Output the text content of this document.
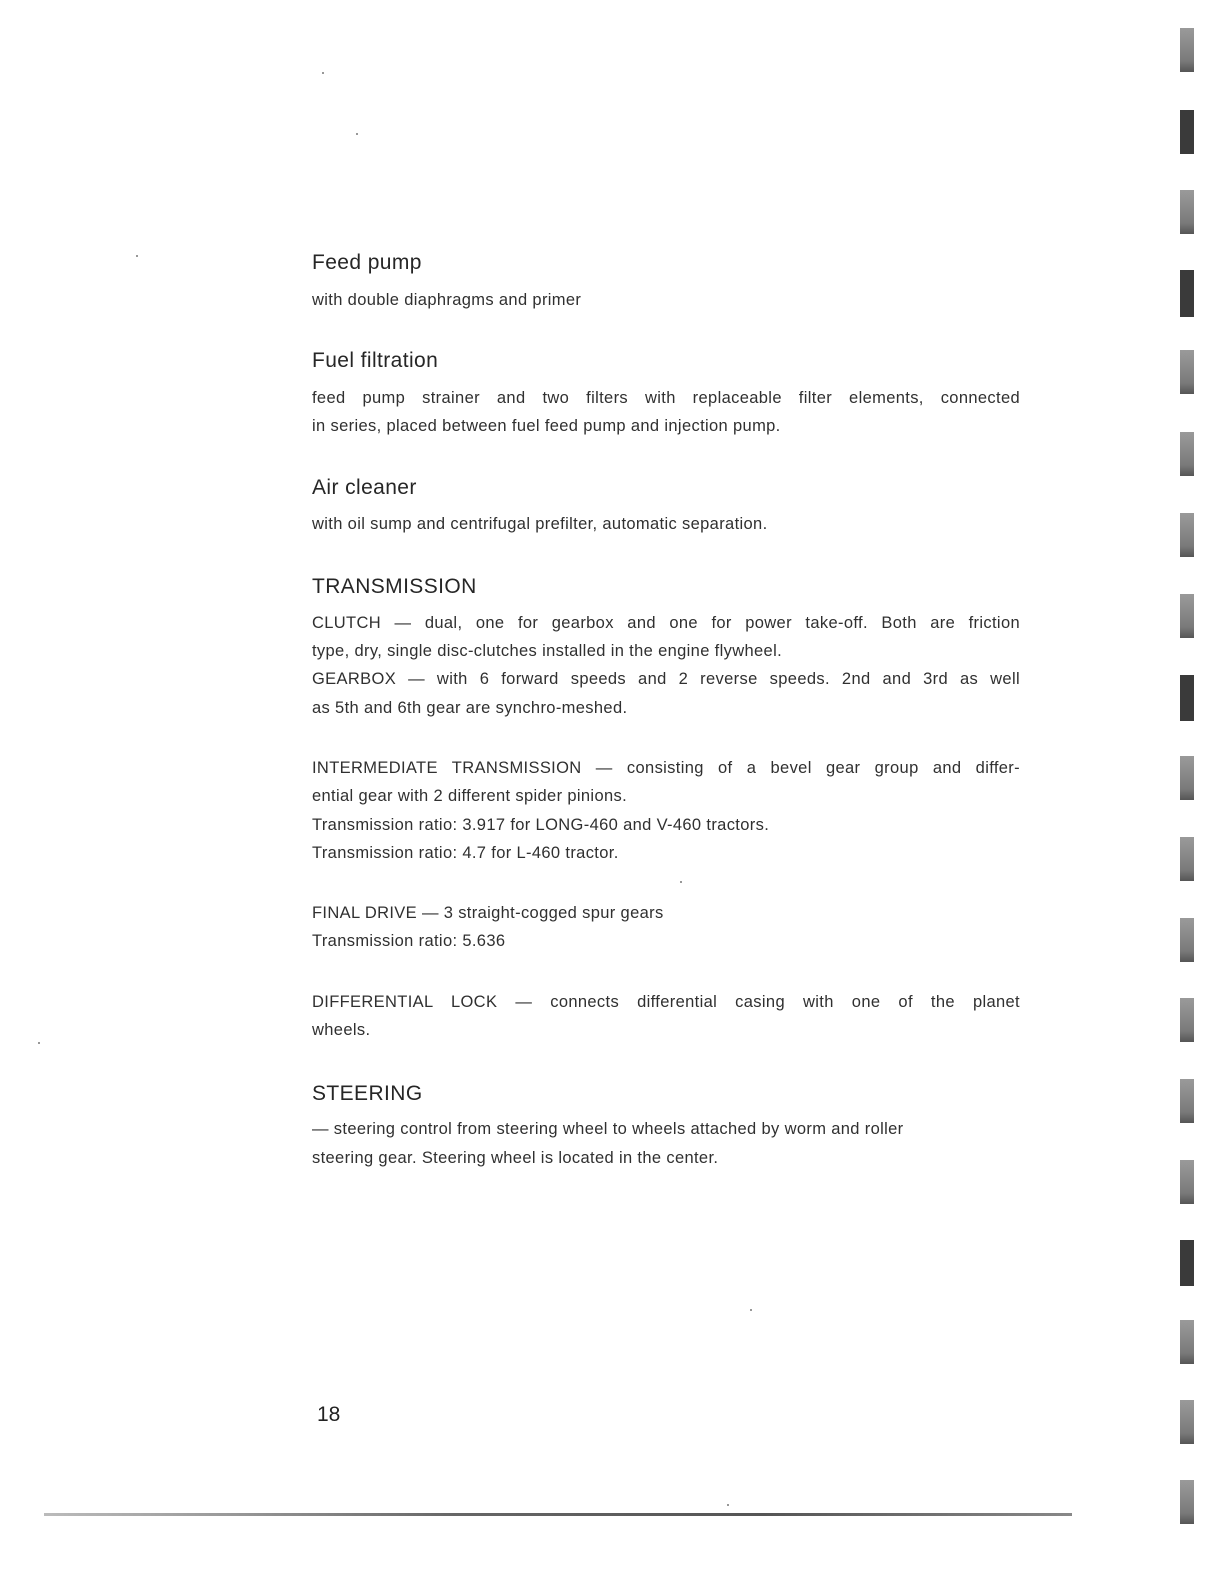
Feed pump

with double diaphragms and primer

Fuel filtration

feed pump strainer and two filters with replaceable filter elements, connected

in series, placed between fuel feed pump and injection pump.

Air cleaner

with oil sump and centrifugal prefilter, automatic separation.

TRANSMISSION

CLUTCH — dual, one for gearbox and one for power take-off. Both are friction

type, dry, single disc-clutches installed in the engine flywheel.

GEARBOX — with 6 forward speeds and 2 reverse speeds. 2nd and 3rd as well

as 5th and 6th gear are synchro-meshed.

INTERMEDIATE TRANSMISSION — consisting of a bevel gear group and differ-

ential gear with 2 different spider pinions.

Transmission ratio: 3.917 for LONG-460 and V-460 tractors.

Transmission ratio: 4.7 for L-460 tractor.

FINAL DRIVE — 3 straight-cogged spur gears

Transmission ratio: 5.636

DIFFERENTIAL LOCK — connects differential casing with one of the planet

wheels.

STEERING

— steering control from steering wheel to wheels attached by worm and roller

steering gear. Steering wheel is located in the center.

18
